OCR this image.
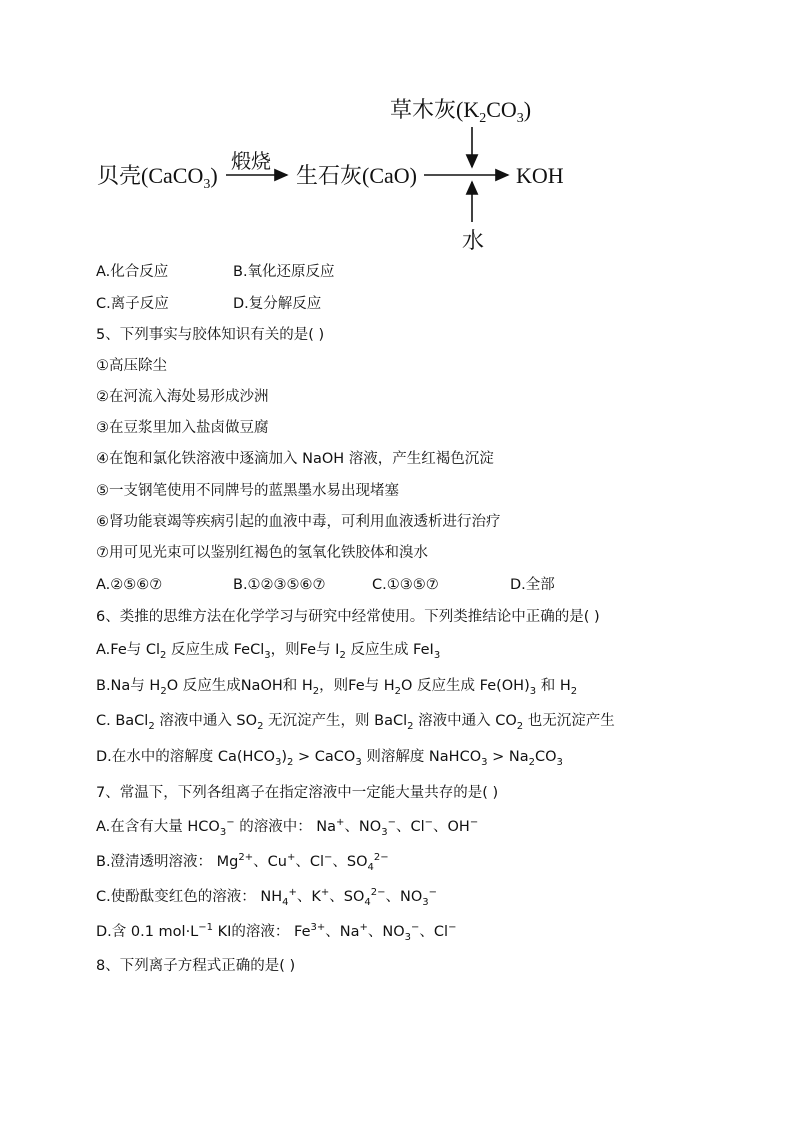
草木灰$(K_2CO_3)$
贝壳(CaCO$_3$)
煅烧
生石灰(CaO)	KOH
水
A.化合反应	B.氧化还原反应
C.离子反应	D.复分解反应
5、下列事实与胶体知识有关的是( )
①高压除尘
②在河流入海处易形成沙洲
③在豆浆里加入盐卤做豆腐
④在饱和氯化铁溶液中逐滴加入 NaOH 溶液，产生红褐色沉淀
⑤一支钢笔使用不同牌号的蓝黑墨水易出现堵塞
⑥肾功能衰竭等疾病引起的血液中毒，可利用血液透析进行治疗
⑦用可见光束可以鉴别红褐色的氢氧化铁胶体和溴水
A.②⑤⑥⑦	B.①②③⑤⑥⑦	C.①③⑤⑦	D.全部
6、类推的思维方法在化学学习与研究中经常使用。下列类推结论中正确的是( )
A.Fe与 $Cl_2$ 反应生成 FeCl$_3$，则Fe与 $I_2$ 反应生成 FeI$_3$
B.Na与 $H_2O$ 反应生成NaOH和 $H_2$，则Fe与 $H_2O$ 反应生成 $Fe(OH)_3$ 和 $H_2$
C. BaCl$_2$ 溶液中通入 $SO_2$ 无沉淀产生，则 BaCl$_2$ 溶液中通入 $CO_2$ 也无沉淀产生
D.在水中的溶解度 $Ca(HCO_3)_2$ > CaCO$_3$ 则溶解度 NaHCO$_3$ > $Na_2CO_3$
7、常温下，下列各组离子在指定溶液中一定能大量共存的是( )
A.在含有大量 $HCO_3^-$ 的溶液中： Na+、$NO_3^-$、Cl−、OH−
B.澄清透明溶液： $Mg^{2+}$、Cu+、Cl−、$SO_4^{2-}$
C.使酚酞变红色的溶液： $NH_4^+$、K+、$SO_4^{2-}$、$NO_3^-$
D.含 0.1 $mol\cdot L^{-1}$ KI的溶液： $Fe^{3+}$、Na+、$NO_3^-$、Cl−
8、下列离子方程式正确的是( )
